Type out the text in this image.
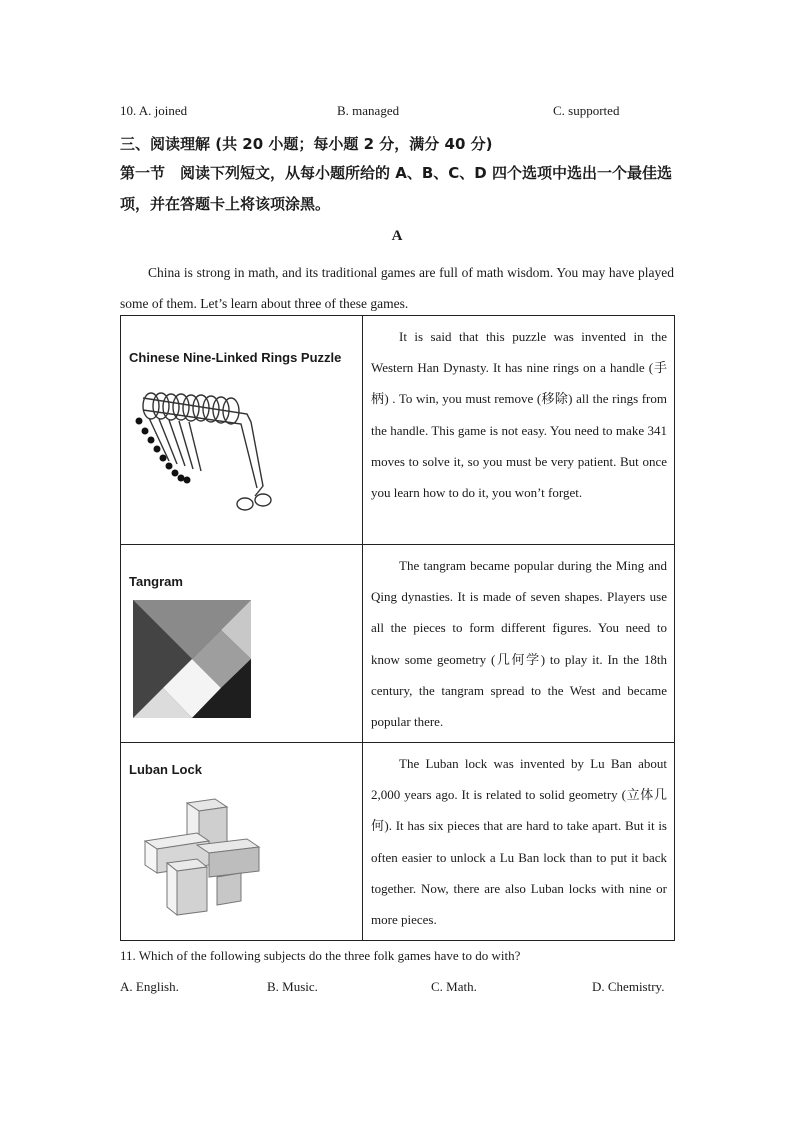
10. A. joined	B. managed	C. supported
三、阅读理解 (共 20 小题；每小题 2 分，满分 40 分)
第一节　阅读下列短文，从每小题所给的 A、B、C、D 四个选项中选出一个最佳选项，并在答题卡上将该项涂黑。
A
China is strong in math, and its traditional games are full of math wisdom. You may have played some of them. Let’s learn about three of these games.
Chinese Nine-Linked Rings Puzzle	It is said that this puzzle was invented in the Western Han Dynasty. It has nine rings on a handle (手柄) . To win, you must remove (移除) all the rings from the handle. This game is not easy. You need to make 341 moves to solve it, so you must be very patient. But once you learn how to do it, you won’t forget.

Tangram	The tangram became popular during the Ming and Qing dynasties. It is made of seven shapes. Players use all the pieces to form different figures. You need to know some geometry (几何学) to play it. In the 18th century, the tangram spread to the West and became popular there.

Luban Lock	The Luban lock was invented by Lu Ban about 2,000 years ago. It is related to solid geometry (立体几何). It has six pieces that are hard to take apart. But it is often easier to unlock a Lu Ban lock than to put it back together. Now, there are also Luban locks with nine or more pieces.

11. Which of the following subjects do the three folk games have to do with?
A. English.	B. Music.	C. Math.	D. Chemistry.
